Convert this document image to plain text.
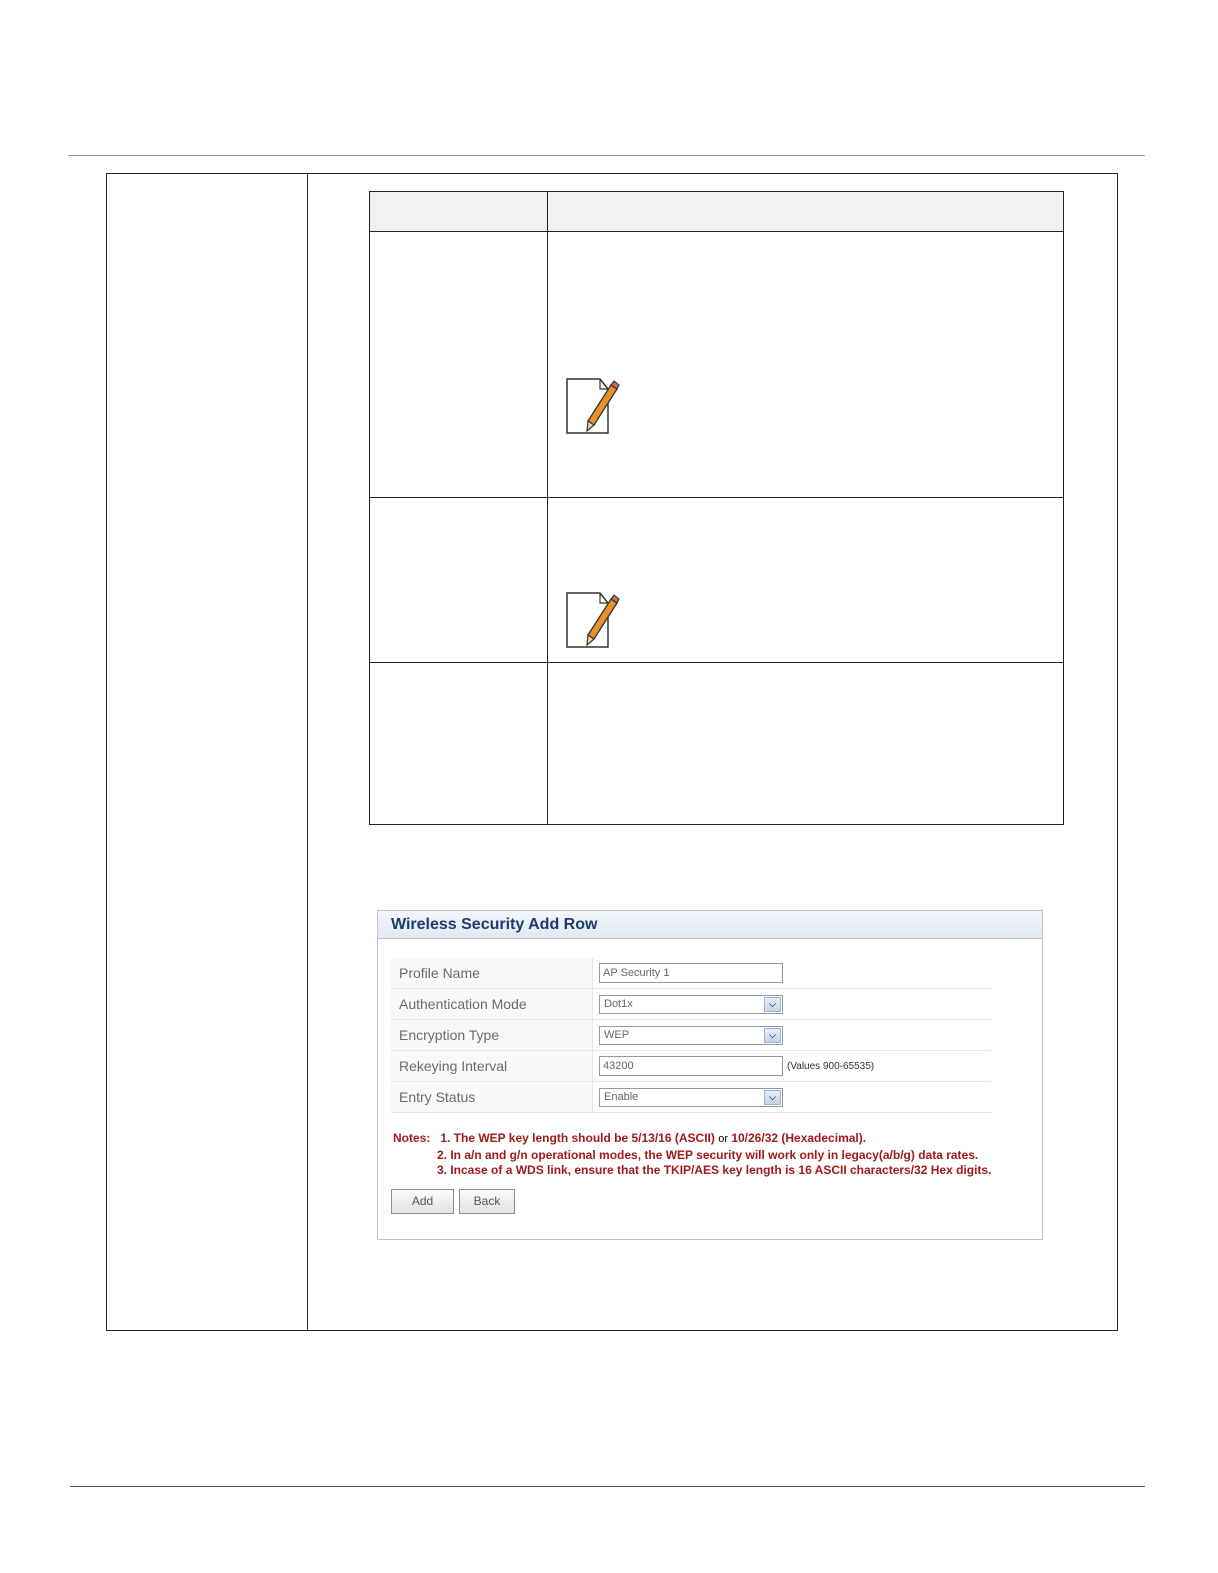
Wireless Security Add Row
Profile Name	AP Security 1
Authentication Mode	Dot1x ⌵

Encryption Type	WEP ⌵

Rekeying Interval	43200(Values 900-65535)
Entry Status	Enable ⌵
Notes: 1. The WEP key length should be 5/13/16 (ASCII) or 10/26/32 (Hexadecimal).
2. In a/n and g/n operational modes, the WEP security will work only in legacy(a/b/g) data rates.
3. Incase of a WDS link, ensure that the TKIP/AES key length is 16 ASCII characters/32 Hex digits.
Add	Back
